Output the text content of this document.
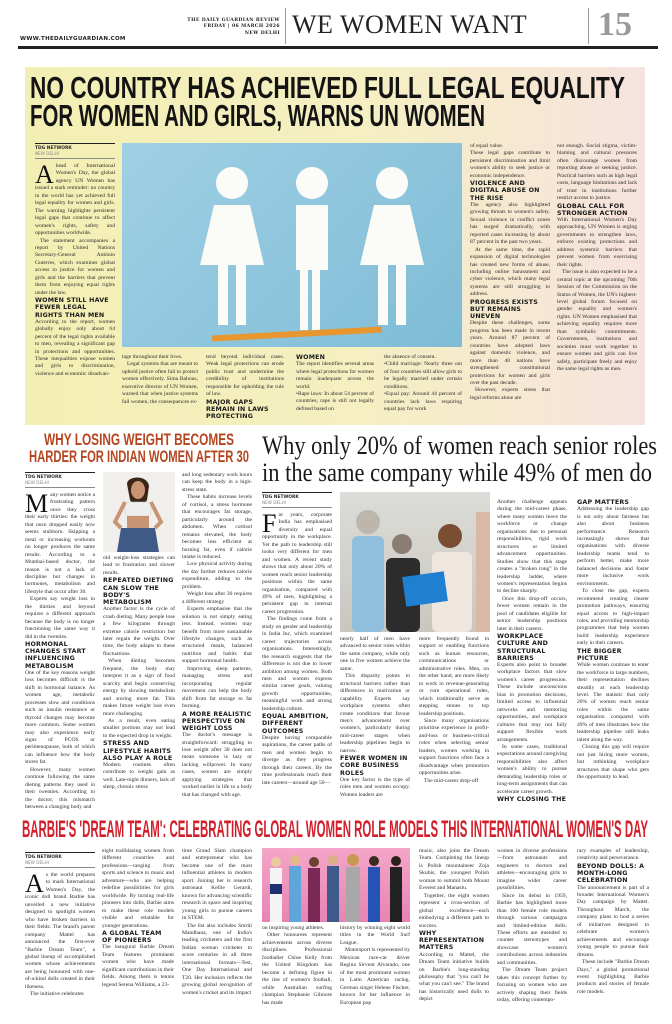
WWW.THEDAILYGUARDIAN.COM
THE DAILY GUARDIAN REVIEW
FRIDAY | 06 MARCH 2026
NEW DELHI WE WOMEN WANT 15
NO COUNTRY HAS ACHIEVED FULL LEGAL EQUALITY
FOR WOMEN AND GIRLS, WARNS UN WOMEN
TDG NETWORK
NEW DELHI

Ahead of International Women's Day, the global agency UN Women has issued a stark reminder: no country in the world has yet achieved full legal equality for women and girls. The warning highlights persistent legal gaps that continue to affect women's rights, safety and opportunities worldwide.

The statement accompanies a report by United Nations Secretary-General António Guterres, which examines global access to justice for women and girls and the barriers that prevent them from enjoying equal rights under the law.

WOMEN STILL HAVE FEWER LEGAL RIGHTS THAN MEN

According to the report, women globally enjoy only about 64 percent of the legal rights available to men, revealing a significant gap in protections and opportunities. These inequalities expose women and girls to discrimination, violence and economic disadvan-

tage throughout their lives.

Legal systems that are meant to uphold justice often fail to protect women effectively. Sima Bahous, executive director of UN Women, warned that when justice systems fail women, the consequences ex-

tend beyond individual cases. Weak legal protections can erode public trust and undermine the credibility of institutions responsible for upholding the rule of law.

MAJOR GAPS REMAIN IN LAWS PROTECTING
WOMEN

The report identifies several areas where legal protections for women remain inadequate across the world.

•Rape laws: In about 54 percent of countries, rape is still not legally defined based on

the absence of consent.

•Child marriage: Nearly three out of four countries still allow girls to be legally married under certain conditions.

•Equal pay: Around 44 percent of countries lack laws requiring equal pay for work

of equal value.

These legal gaps contribute to persistent discrimination and limit women's ability to seek justice or economic independence.

VIOLENCE AND DIGITAL ABUSE ON THE RISE

The agency also highlighted growing threats to women's safety. Sexual violence in conflict zones has surged dramatically, with reported cases increasing by about 87 percent in the past two years.

At the same time, the rapid expansion of digital technologies has created new forms of abuse, including online harassment and cyber violence, which many legal systems are still struggling to address.

PROGRESS EXISTS BUT REMAINS UNEVEN

Despite these challenges, some progress has been made in recent years. Around 87 percent of countries have adopted laws against domestic violence, and more than 40 nations have strengthened constitutional protections for women and girls over the past decade.

However, experts stress that legal reforms alone are

not enough. Social stigma, victim-blaming and cultural pressures often discourage women from reporting abuse or seeking justice. Practical barriers such as high legal costs, language limitations and lack of trust in institutions further restrict access to justice.

GLOBAL CALL FOR STRONGER ACTION

With International Women's Day approaching, UN Women is urging governments to strengthen laws, enforce existing protections and address systemic barriers that prevent women from exercising their rights.

The issue is also expected to be a central topic at the upcoming 70th Session of the Commission on the Status of Women, the UN's highest-level global forum focused on gender equality and women's rights. UN Women emphasised that achieving equality requires more than symbolic commitments. Governments, institutions and societies must work together to ensure women and girls can live safely, participate freely and enjoy the same legal rights as men.

WHY LOSING WEIGHT BECOMES
HARDER FOR INDIAN WOMEN AFTER 30
TDG NETWORK
NEW DELHI

Many women notice a frustrating pattern once they cross their early thirties: the weight that once dropped easily now seems stubborn. Skipping a meal or increasing workouts no longer produces the same results. According to a Mumbai-based doctor, the reason is not a lack of discipline but changes in hormones, metabolism and lifestyle that occur after 30.

Experts say weight loss in the thirties and beyond requires a different approach because the body is no longer functioning the same way it did in the twenties.

HORMONAL CHANGES START INFLUENCING METABOLISM

One of the key reasons weight loss becomes difficult is the shift in hormonal balance. As women age, metabolic processes slow and conditions such as insulin resistance or thyroid changes may become more common. Some women may also experience early signs of PCOS or perimenopause, both of which can influence how the body stores fat.

However, many women continue following the same dieting patterns they used in their twenties. According to the doctor, this mismatch between a changing body and

old weight-loss strategies can lead to frustration and slower results.

REPEATED DIETING CAN SLOW THE BODY'S METABOLISM

Another factor is the cycle of crash dieting. Many people lose a few kilograms through extreme calorie restriction but later regain the weight. Over time, the body adapts to these fluctuations.

When dieting becomes frequent, the body may interpret it as a sign of food scarcity and begin conserving energy by slowing metabolism and storing more fat. This makes future weight loss even more challenging.

As a result, even eating smaller portions may not lead to the expected drop in weight.

STRESS AND LIFESTYLE HABITS ALSO PLAY A ROLE

Modern routines often contribute to weight gain as well. Late-night dinners, lack of sleep, chronic stress

and long sedentary work hours can keep the body in a high-stress state.

These habits increase levels of cortisol, a stress hormone that encourages fat storage, particularly around the abdomen. When cortisol remains elevated, the body becomes less efficient at burning fat, even if calorie intake is reduced.

Low physical activity during the day further reduces calorie expenditure, adding to the problem.

Weight loss after 30 requires a different strategy

Experts emphasise that the solution is not simply eating less. Instead, women may benefit from more sustainable lifestyle changes, such as structured meals, balanced nutrition and habits that support hormonal health.

Improving sleep patterns, managing stress and incorporating regular movement can help the body shift from fat storage to fat burning.

A MORE REALISTIC PERSPECTIVE ON WEIGHT LOSS

The doctor's message is straightforward: struggling to lose weight after 30 does not mean someone is lazy or lacking willpower. In many cases, women are simply applying strategies that worked earlier in life to a body that has changed with age.

Why only 20% of women reach senior roles
in the same company while 49% of men do
TDG NETWORK
NEW DELHI

For years, corporate India has emphasised diversity and equal opportunity in the workplace. Yet the path to leadership still looks very different for men and women. A recent study shows that only about 20% of women reach senior leadership positions within the same organisation, compared with 49% of men, highlighting a persistent gap in internal career progression.

The findings come from a study on gender and leadership in India Inc, which examined career trajectories across organisations. Interestingly, the research suggests that the difference is not due to lower ambition among women. Both men and women express similar career goals, valuing growth opportunities, meaningful work and strong leadership culture.

EQUAL AMBITION, DIFFERENT OUTCOMES

Despite having comparable aspirations, the career paths of men and women begin to diverge as they progress through their careers. By the time professionals reach their late careers—around age 50—

nearly half of men have advanced to senior roles within the same company, while only one in five women achieve the same.

This disparity points to structural barriers rather than differences in motivation or capability. Experts say workplace systems often create conditions that favour men's advancement over women's, particularly during mid-career stages when leadership pipelines begin to narrow.

FEWER WOMEN IN CORE BUSINESS ROLES

One key factor is the type of roles men and women occupy. Women leaders are

more frequently found in support or enabling functions such as human resources, communications or administrative roles. Men, on the other hand, are more likely to work in revenue-generating or core operational roles, which traditionally serve as stepping stones to top leadership positions.

Since many organisations prioritise experience in profit-and-loss or business-critical roles when selecting senior leaders, women working in support functions often face a disadvantage when promotion opportunities arise.

The mid-career drop-off

Another challenge appears during the mid-career phase, where many women leave the workforce or change organisations due to personal responsibilities, rigid work structures or limited advancement opportunities. Studies show that this stage creates a "broken rung" in the leadership ladder, where women's representation begins to decline sharply.

Once this drop-off occurs, fewer women remain in the pool of candidates eligible for senior leadership positions later in their careers.

WORKPLACE CULTURE AND STRUCTURAL BARRIERS

Experts also point to broader workplace factors that slow women's career progression. These include unconscious bias in promotion decisions, limited access to influential networks and mentoring opportunities, and workplace cultures that may not fully support flexible work arrangements.

In some cases, traditional expectations around caregiving responsibilities also affect women's ability to pursue demanding leadership roles or long-term assignments that can accelerate career growth.

WHY CLOSING THE
GAP MATTERS

Addressing the leadership gap is not only about fairness but also about business performance. Research increasingly shows that organisations with diverse leadership teams tend to perform better, make more balanced decisions and foster more inclusive work environments.

To close the gap, experts recommend creating clearer promotion pathways, ensuring equal access to high-impact roles, and providing mentorship programmes that help women build leadership experience early in their careers.

THE BIGGER PICTURE

While women continue to enter the workforce in large numbers, their representation declines steadily at each leadership level. The statistic that only 20% of women reach senior roles within the same organisation compared with 49% of men illustrates how the leadership pipeline still leaks talent along the way.

Closing this gap will require not just hiring more women, but rethinking workplace structures that shape who gets the opportunity to lead.

BARBIE'S 'DREAM TEAM': CELEBRATING GLOBAL WOMEN ROLE MODELS THIS INTERNATIONAL WOMEN'S DAY
TDG NETWORK
NEW DELHI

As the world prepares to mark International Women's Day, the iconic doll brand Barbie has unveiled a new initiative designed to spotlight women who have broken barriers in their fields. The brand's parent company Mattel has announced the first-ever "Barbie Dream Team", a global lineup of accomplished women whose achievements are being honoured with one-of-a-kind dolls created in their likeness.

The initiative celebrates

eight trailblazing women from different countries and professions—ranging from sports and science to music and adventure—who are helping redefine possibilities for girls worldwide. By turning real-life pioneers into dolls, Barbie aims to make these role models visible and relatable for younger generations.

A GLOBAL TEAM OF PIONEERS

The inaugural Barbie Dream Team features prominent women who have made significant contributions in their fields. Among them is tennis legend Serena Williams, a 23-

time Grand Slam champion and entrepreneur who has become one of the most influential athletes in modern sport. Joining her is research astronaut Kellie Gerardi, known for advancing scientific research in space and inspiring young girls to pursue careers in STEM.

The list also includes Smriti Mandhana, one of India's leading cricketers and the first Indian woman cricketer to score centuries in all three international formats—Test, One Day International and T20. Her inclusion reflects the growing global recognition of women's cricket and its impact

on inspiring young athletes.

Other honourees represent achievements across diverse disciplines. Professional footballer Chloe Kelly from the United Kingdom has become a defining figure in the rise of women's football, while Australian surfing champion Stephanie Gilmore has made

history by winning eight world titles in the World Surf League.

Motorsport is represented by Mexican race-car driver Regina Sirvent Alvarado, one of the most prominent women in Latin American racing. German singer Helene Fischer, known for her influence in European pop

music, also joins the Dream Team. Completing the lineup is Polish mountaineer Zoja Skubis, the youngest Polish woman to summit both Mount Everest and Manaslu.

Together, the eight women represent a cross-section of global excellence—each embodying a different path to success.

WHY REPRESENTATION MATTERS

According to Mattel, the Dream Team initiative builds on Barbie's long-standing philosophy that "you can't be what you can't see." The brand has historically used dolls to depict

women in diverse professions—from astronauts and engineers to doctors and athletes—encouraging girls to imagine wider career possibilities.

Since its debut in 1959, Barbie has highlighted more than 100 female role models through various campaigns and limited-edition dolls. These efforts are intended to counter stereotypes and showcase women's contributions across industries and communities.

The Dream Team project takes this concept further by focusing on women who are actively shaping their fields today, offering contempo-

rary examples of leadership, creativity and perseverance.

BEYOND DOLLS: A MONTH-LONG CELEBRATION

The announcement is part of a broader International Women's Day campaign by Mattel. Throughout March, the company plans to host a series of initiatives designed to celebrate women's achievements and encourage young people to pursue their dreams.

These include "Barbie Dream Days," a global promotional event highlighting Barbie products and stories of female role models.
